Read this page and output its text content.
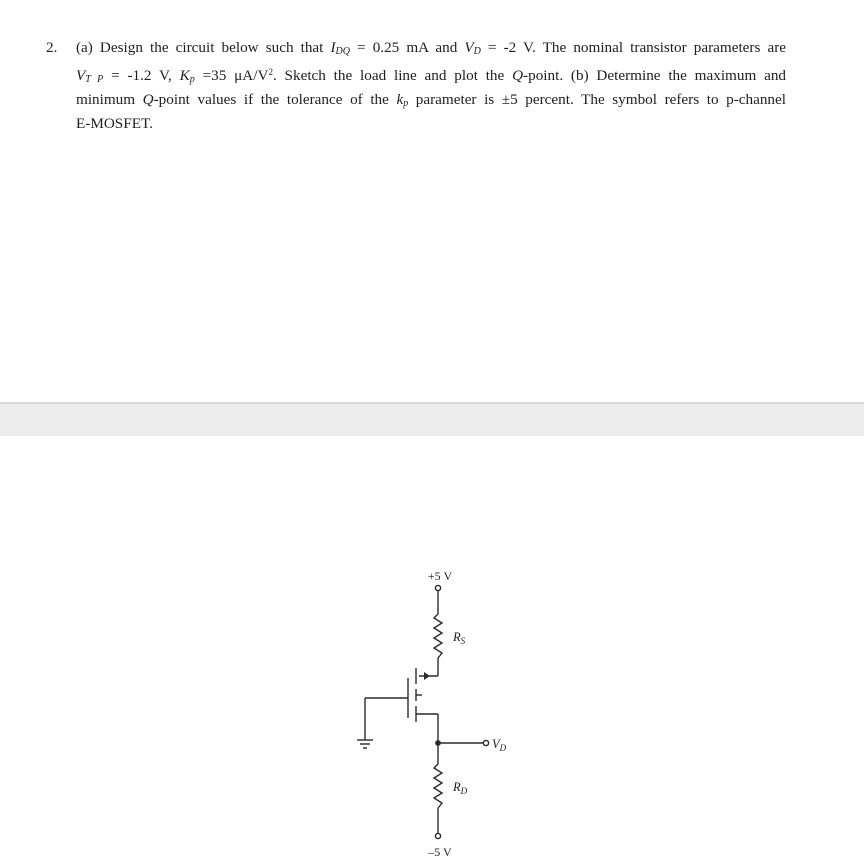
2. (a) Design the circuit below such that $I_{DQ} = 0.25$ mA and $V_D = -2$ V. The nominal transistor parameters are
$V_{T P} = -1.2$ V, $K_p =35$ $\mu A/V^2$. Sketch the load line and plot the Q-point. (b) Determine the maximum and
minimum Q-point values if the tolerance of the $k_p$ parameter is ±5 percent. The symbol refers to p-channel
E-MOSFET.
+5 V
$R_S$
$V_D$
$R_D$
–5 V
